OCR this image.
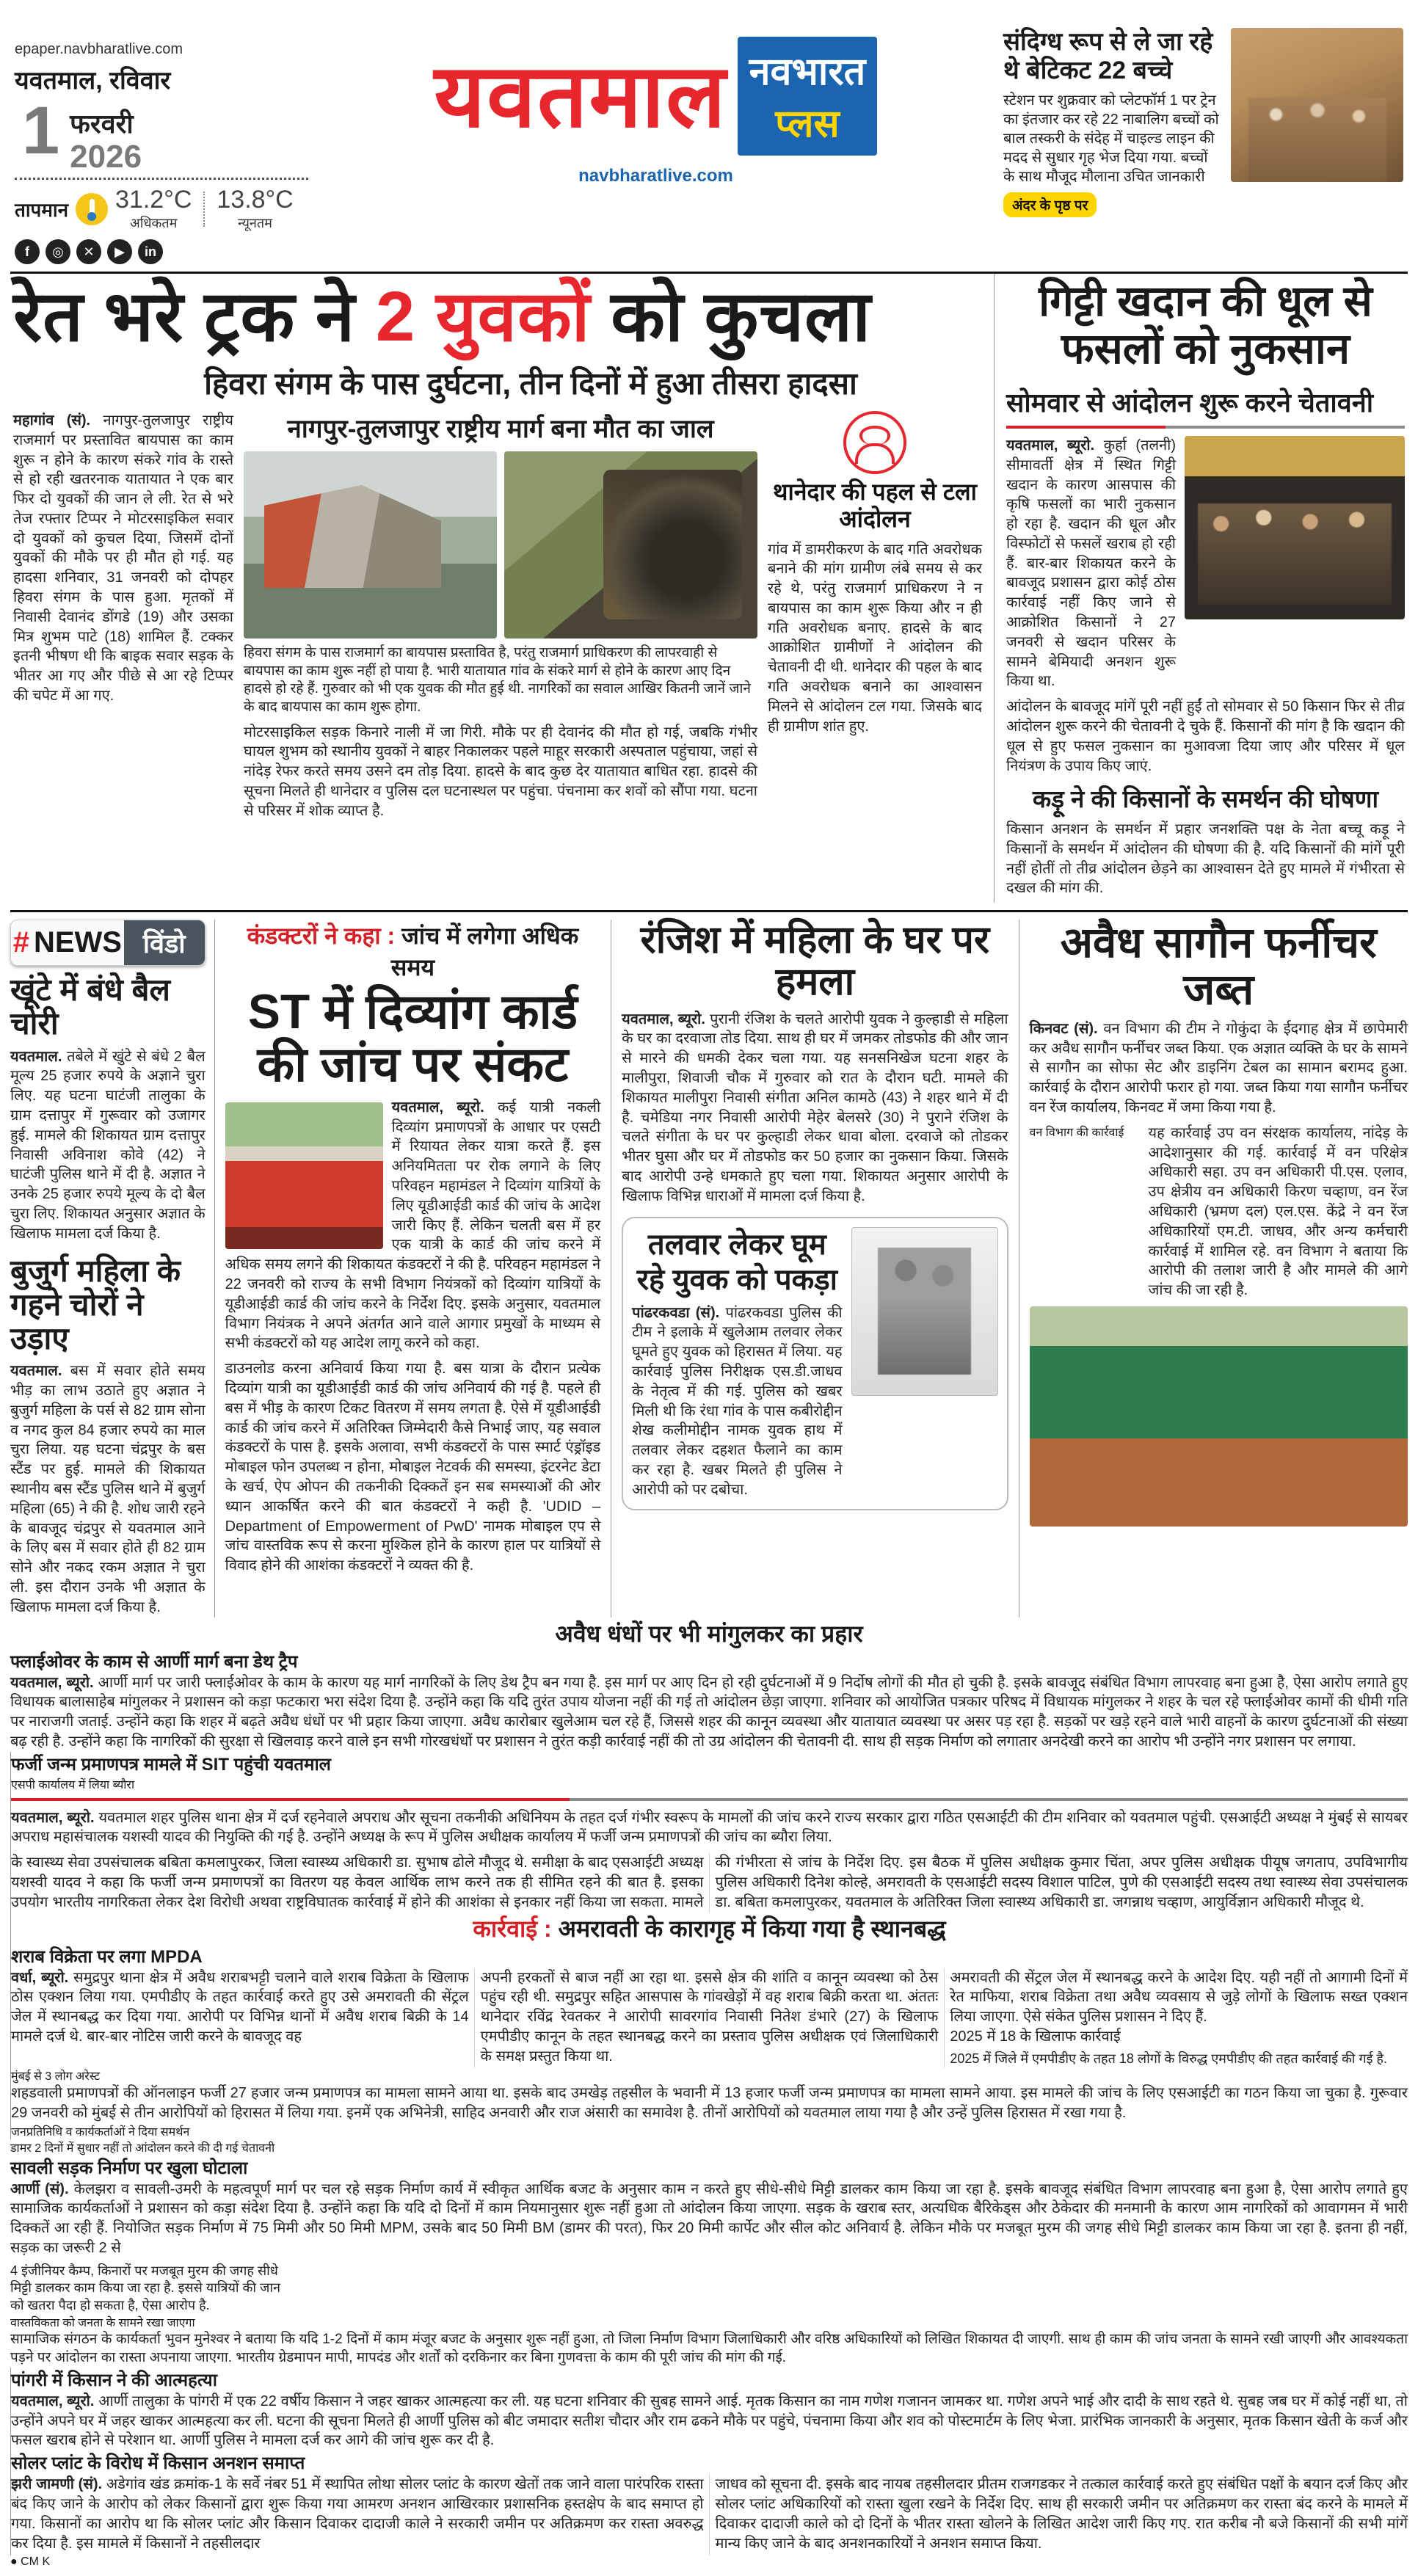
epaper.navbharatlive.com
यवतमाल, रविवार
1 फरवरी
2026
तापमान 31.2°C
अधिकतम
13.8°C
न्यूनतम
f	◎	✕	▶	in
यवतमाल नवभारत
प्लस
navbharatlive.com
संदिग्ध रूप से ले जा रहे थे बेटिकट 22 बच्चे
स्टेशन पर शुक्रवार को प्लेटफॉर्म 1 पर ट्रेन का इंतजार कर रहे 22 नाबालिग बच्चों को बाल तस्करी के संदेह में चाइल्ड लाइन की मदद से सुधार गृह भेज दिया गया. बच्चों के साथ मौजूद मौलाना उचित जानकारी
अंदर के पृष्ठ पर
रेत भरे ट्रक ने 2 युवकों को कुचला
हिवरा संगम के पास दुर्घटना, तीन दिनों में हुआ तीसरा हादसा

महागांव (सं). नागपुर-तुलजापुर राष्ट्रीय राजमार्ग पर प्रस्तावित बायपास का काम शुरू न होने के कारण संकरे गांव के रास्ते से हो रही खतरनाक यातायात ने एक बार फिर दो युवकों की जान ले ली. रेत से भरे तेज रफ्तार टिप्पर ने मोटरसाइकिल सवार दो युवकों को कुचल दिया, जिसमें दोनों युवकों की मौके पर ही मौत हो गई. यह हादसा शनिवार, 31 जनवरी को दोपहर हिवरा संगम के पास हुआ. मृतकों में निवासी देवानंद डोंगडे (19) और उसका मित्र शुभम पाटे (18) शामिल हैं. टक्कर इतनी भीषण थी कि बाइक सवार सड़क के भीतर आ गए और पीछे से आ रहे टिप्पर की चपेट में आ गए.

नागपुर-तुलजापुर राष्ट्रीय मार्ग बना मौत का जाल

हिवरा संगम के पास राजमार्ग का बायपास प्रस्तावित है, परंतु राजमार्ग प्राधिकरण की लापरवाही से बायपास का काम शुरू नहीं हो पाया है. भारी यातायात गांव के संकरे मार्ग से होने के कारण आए दिन हादसे हो रहे हैं. गुरुवार को भी एक युवक की मौत हुई थी. नागरिकों का सवाल आखिर कितनी जानें जाने के बाद बायपास का काम शुरू होगा.

मोटरसाइकिल सड़क किनारे नाली में जा गिरी. मौके पर ही देवानंद की मौत हो गई, जबकि गंभीर घायल शुभम को स्थानीय युवकों ने बाहर निकालकर पहले माहूर सरकारी अस्पताल पहुंचाया, जहां से नांदेड़ रेफर करते समय उसने दम तोड़ दिया. हादसे के बाद कुछ देर यातायात बाधित रहा. हादसे की सूचना मिलते ही थानेदार व पुलिस दल घटनास्थल पर पहुंचा. पंचनामा कर शवों को सौंपा गया. घटना से परिसर में शोक व्याप्त है.

थानेदार की पहल से टला आंदोलन

गांव में डामरीकरण के बाद गति अवरोधक बनाने की मांग ग्रामीण लंबे समय से कर रहे थे, परंतु राजमार्ग प्राधिकरण ने न बायपास का काम शुरू किया और न ही गति अवरोधक बनाए. हादसे के बाद आक्रोशित ग्रामीणों ने आंदोलन की चेतावनी दी थी. थानेदार की पहल के बाद गति अवरोधक बनाने का आश्वासन मिलने से आंदोलन टल गया. जिसके बाद ही ग्रामीण शांत हुए.

गिट्टी खदान की धूल से फसलों को नुकसान
सोमवार से आंदोलन शुरू करने चेतावनी

यवतमाल, ब्यूरो. कुर्हा (तलनी) सीमावर्ती क्षेत्र में स्थित गिट्टी खदान के कारण आसपास की कृषि फसलों का भारी नुकसान हो रहा है. खदान की धूल और विस्फोटों से फसलें खराब हो रही हैं. बार-बार शिकायत करने के बावजूद प्रशासन द्वारा कोई ठोस कार्रवाई नहीं किए जाने से आक्रोशित किसानों ने 27 जनवरी से खदान परिसर के सामने बेमियादी अनशन शुरू किया था.

आंदोलन के बावजूद मांगें पूरी नहीं हुईं तो सोमवार से 50 किसान फिर से तीव्र आंदोलन शुरू करने की चेतावनी दे चुके हैं. किसानों की मांग है कि खदान की धूल से हुए फसल नुकसान का मुआवजा दिया जाए और परिसर में धूल नियंत्रण के उपाय किए जाएं.

कड़ू ने की किसानों के समर्थन की घोषणा

किसान अनशन के समर्थन में प्रहार जनशक्ति पक्ष के नेता बच्चू कड़ू ने किसानों के समर्थन में आंदोलन की घोषणा की है. यदि किसानों की मांगें पूरी नहीं होतीं तो तीव्र आंदोलन छेड़ने का आश्वासन देते हुए मामले में गंभीरता से दखल की मांग की.

# NEWS विंडो
खूंटे में बंधे बैल चोरी

यवतमाल. तबेले में खुंटे से बंधे 2 बैल मूल्य 25 हजार रुपये के अज्ञाने चुरा लिए. यह घटना घाटंजी तालुका के ग्राम दत्तापुर में गुरूवार को उजागर हुई. मामले की शिकायत ग्राम दत्तापुर निवासी अविनाश कोवे (42) ने घाटंजी पुलिस थाने में दी है. अज्ञात ने उनके 25 हजार रुपये मूल्य के दो बैल चुरा लिए. शिकायत अनुसार अज्ञात के खिलाफ मामला दर्ज किया है.

बुजुर्ग महिला के गहने चोरों ने उड़ाए

यवतमाल. बस में सवार होते समय भीड़ का लाभ उठाते हुए अज्ञात ने बुजुर्ग महिला के पर्स से 82 ग्राम सोना व नगद कुल 84 हजार रुपये का माल चुरा लिया. यह घटना चंद्रपुर के बस स्टैंड पर हुई. मामले की शिकायत स्थानीय बस स्टैंड पुलिस थाने में बुजुर्ग महिला (65) ने की है. शोध जारी रहने के बावजूद चंद्रपुर से यवतमाल आने के लिए बस में सवार होते ही 82 ग्राम सोने और नकद रकम अज्ञात ने चुरा ली. इस दौरान उनके भी अज्ञात के खिलाफ मामला दर्ज किया है.

कंडक्टरों ने कहा : जांच में लगेगा अधिक समय
ST में दिव्यांग कार्ड की जांच पर संकट

यवतमाल, ब्यूरो. कई यात्री नकली दिव्यांग प्रमाणपत्रों के आधार पर एसटी में रियायत लेकर यात्रा करते हैं. इस अनियमितता पर रोक लगाने के लिए परिवहन महामंडल ने दिव्यांग यात्रियों के लिए यूडीआईडी कार्ड की जांच के आदेश जारी किए हैं. लेकिन चलती बस में हर एक यात्री के कार्ड की जांच करने में अधिक समय लगने की शिकायत कंडक्टरों ने की है. परिवहन महामंडल ने 22 जनवरी को राज्य के सभी विभाग नियंत्रकों को दिव्यांग यात्रियों के यूडीआईडी कार्ड की जांच करने के निर्देश दिए. इसके अनुसार, यवतमाल विभाग नियंत्रक ने अपने अंतर्गत आने वाले आगार प्रमुखों के माध्यम से सभी कंडक्टरों को यह आदेश लागू करने को कहा.

डाउनलोड करना अनिवार्य किया गया है. बस यात्रा के दौरान प्रत्येक दिव्यांग यात्री का यूडीआईडी कार्ड की जांच अनिवार्य की गई है. पहले ही बस में भीड़ के कारण टिकट वितरण में समय लगता है. ऐसे में यूडीआईडी कार्ड की जांच करने में अतिरिक्त जिम्मेदारी कैसे निभाई जाए, यह सवाल कंडक्टरों के पास है. इसके अलावा, सभी कंडक्टरों के पास स्मार्ट एंड्रॉइड मोबाइल फोन उपलब्ध न होना, मोबाइल नेटवर्क की समस्या, इंटरनेट डेटा के खर्च, ऐप ओपन की तकनीकी दिक्कतें इन सब समस्याओं की ओर ध्यान आकर्षित करने की बात कंडक्टरों ने कही है. 'UDID – Department of Empowerment of PwD' नामक मोबाइल एप से जांच वास्तविक रूप से करना मुश्किल होने के कारण हाल पर यात्रियों से विवाद होने की आशंका कंडक्टरों ने व्यक्त की है.

रंजिश में महिला के घर पर हमला

यवतमाल, ब्यूरो. पुरानी रंजिश के चलते आरोपी युवक ने कुल्हाडी से महिला के घर का दरवाजा तोड दिया. साथ ही घर में जमकर तोडफोड की और जान से मारने की धमकी देकर चला गया. यह सनसनिखेज घटना शहर के मालीपुरा, शिवाजी चौक में गुरुवार को रात के दौरान घटी. मामले की शिकायत मालीपुरा निवासी संगीता अनिल कामठे (43) ने शहर थाने में दी है. चमेडिया नगर निवासी आरोपी मेहेर बेलसरे (30) ने पुराने रंजिश के चलते संगीता के घर पर कुल्हाडी लेकर धावा बोला. दरवाजे को तोडकर भीतर घुसा और घर में तोडफोड कर 50 हजार का नुकसान किया. जिसके बाद आरोपी उन्हे धमकाते हुए चला गया. शिकायत अनुसार आरोपी के खिलाफ विभिन्न धाराओं में मामला दर्ज किया है.

तलवार लेकर घूम रहे युवक को पकड़ा

पांढरकवडा (सं). पांढरकवडा पुलिस की टीम ने इलाके में खुलेआम तलवार लेकर घूमते हुए युवक को हिरासत में लिया. यह कार्रवाई पुलिस निरीक्षक एस.डी.जाधव के नेतृत्व में की गई. पुलिस को खबर मिली थी कि रंधा गांव के पास कबीरोद्दीन शेख कलीमोद्दीन नामक युवक हाथ में तलवार लेकर दहशत फैलाने का काम कर रहा है. खबर मिलते ही पुलिस ने आरोपी को पर दबोचा.

अवैध सागौन फर्नीचर जब्त

किनवट (सं). वन विभाग की टीम ने गोकुंदा के ईदगाह क्षेत्र में छापेमारी कर अवैध सागौन फर्नीचर जब्त किया. एक अज्ञात व्यक्ति के घर के सामने से सागौन का सोफा सेट और डाइनिंग टेबल का सामान बरामद हुआ. कार्रवाई के दौरान आरोपी फरार हो गया. जब्त किया गया सागौन फर्नीचर वन रेंज कार्यालय, किनवट में जमा किया गया है.

वन विभाग की कार्रवाई	यह कार्रवाई उप वन संरक्षक कार्यालय, नांदेड़ के आदेशानुसार की गई. कार्रवाई में वन परिक्षेत्र अधिकारी सहा. उप वन अधिकारी पी.एस. एलाव, उप क्षेत्रीय वन अधिकारी किरण चव्हाण, वन रेंज अधिकारी (भ्रमण दल) एल.एस. केंद्रे ने वन रेंज अधिकारियों एम.टी. जाधव, और अन्य कर्मचारी कार्रवाई में शामिल रहे. वन विभाग ने बताया कि आरोपी की तलाश जारी है और मामले की आगे जांच की जा रही है.

अवैध धंधों पर भी मांगुलकर का प्रहार
फ्लाईओवर के काम से आर्णी मार्ग बना डेथ ट्रैप

यवतमाल, ब्यूरो. आर्णी मार्ग पर जारी फ्लाईओवर के काम के कारण यह मार्ग नागरिकों के लिए डेथ ट्रैप बन गया है. इस मार्ग पर आए दिन हो रही दुर्घटनाओं में 9 निर्दोष लोगों की मौत हो चुकी है. इसके बावजूद संबंधित विभाग लापरवाह बना हुआ है, ऐसा आरोप लगाते हुए विधायक बालासाहेब मांगुलकर ने प्रशासन को कड़ा फटकारा भरा संदेश दिया है. उन्होंने कहा कि यदि तुरंत उपाय योजना नहीं की गई तो आंदोलन छेड़ा जाएगा. शनिवार को आयोजित पत्रकार परिषद में विधायक मांगुलकर ने शहर के चल रहे फ्लाईओवर कामों की धीमी गति पर नाराजगी जताई. उन्होंने कहा कि शहर में बढ़ते अवैध धंधों पर भी प्रहार किया जाएगा. अवैध कारोबार खुलेआम चल रहे हैं, जिससे शहर की कानून व्यवस्था और यातायात व्यवस्था पर असर पड़ रहा है. सड़कों पर खड़े रहने वाले भारी वाहनों के कारण दुर्घटनाओं की संख्या बढ़ रही है. उन्होंने कहा कि नागरिकों की सुरक्षा से खिलवाड़ करने वाले इन सभी गोरखधंधों पर प्रशासन ने तुरंत कड़ी कार्रवाई नहीं की तो उग्र आंदोलन की चेतावनी दी. साथ ही सड़क निर्माण को लगातार अनदेखी करने का आरोप भी उन्होंने नगर प्रशासन पर लगाया.

फर्जी जन्म प्रमाणपत्र मामले में SIT पहुंची यवतमाल
एसपी कार्यालय में लिया ब्यौरा

यवतमाल, ब्यूरो. यवतमाल शहर पुलिस थाना क्षेत्र में दर्ज रहनेवाले अपराध और सूचना तकनीकी अधिनियम के तहत दर्ज गंभीर स्वरूप के मामलों की जांच करने राज्य सरकार द्वारा गठित एसआईटी की टीम शनिवार को यवतमाल पहुंची. एसआईटी अध्यक्ष ने मुंबई से सायबर अपराध महासंचालक यशस्वी यादव की नियुक्ति की गई है. उन्होंने अध्यक्ष के रूप में पुलिस अधीक्षक कार्यालय में फर्जी जन्म प्रमाणपत्रों की जांच का ब्यौरा लिया.

के स्वास्थ्य सेवा उपसंचालक बबिता कमलापुरकर, जिला स्वास्थ्य अधिकारी डा. सुभाष ढोले मौजूद थे. समीक्षा के बाद एसआईटी अध्यक्ष यशस्वी यादव ने कहा कि फर्जी जन्म प्रमाणपत्रों का वितरण यह केवल आर्थिक लाभ करने तक ही सीमित रहने की बात है. इसका उपयोग भारतीय नागरिकता लेकर देश विरोधी अथवा राष्ट्रविघातक कार्रवाई में होने की आशंका से इनकार नहीं किया जा सकता. मामले की गंभीरता से जांच के निर्देश दिए. इस बैठक में पुलिस अधीक्षक कुमार चिंता, अपर पुलिस अधीक्षक पीयूष जगताप, उपविभागीय पुलिस अधिकारी दिनेश कोल्हे, अमरावती के एसआईटी सदस्य विशाल पाटिल, पुणे की एसआईटी सदस्य तथा स्वास्थ्य सेवा उपसंचालक डा. बबिता कमलापुरकर, यवतमाल के अतिरिक्त जिला स्वास्थ्य अधिकारी डा. जगन्नाथ चव्हाण, आयुर्विज्ञान अधिकारी मौजूद थे.

कार्रवाई : अमरावती के कारागृह में किया गया है स्थानबद्ध
शराब विक्रेता पर लगा MPDA

वर्धा, ब्यूरो. समुद्रपुर थाना क्षेत्र में अवैध शराबभट्टी चलाने वाले शराब विक्रेता के खिलाफ ठोस एक्शन लिया गया. एमपीडीए के तहत कार्रवाई करते हुए उसे अमरावती की सेंट्रल जेल में स्थानबद्ध कर दिया गया. आरोपी पर विभिन्न थानों में अवैध शराब बिक्री के 14 मामले दर्ज थे. बार-बार नोटिस जारी करने के बावजूद वह

अपनी हरकतों से बाज नहीं आ रहा था. इससे क्षेत्र की शांति व कानून व्यवस्था को ठेस पहुंच रही थी. समुद्रपुर सहित आसपास के गांवखेड़ों में वह शराब बिक्री करता था. अंततः थानेदार रविंद्र रेवतकर ने आरोपी सावरगांव निवासी नितेश डंभारे (27) के खिलाफ एमपीडीए कानून के तहत स्थानबद्ध करने का प्रस्ताव पुलिस अधीक्षक एवं जिलाधिकारी के समक्ष प्रस्तुत किया था.

अमरावती की सेंट्रल जेल में स्थानबद्ध करने के आदेश दिए. यही नहीं तो आगामी दिनों में रेत माफिया, शराब विक्रेता तथा अवैध व्यवसाय से जुड़े लोगों के खिलाफ सख्त एक्शन लिया जाएगा. ऐसे संकेत पुलिस प्रशासन ने दिए हैं.

2025 में 18 के खिलाफ कार्रवाई

2025 में जिले में एमपीडीए के तहत 18 लोगों के विरुद्ध एमपीडीए की तहत कार्रवाई की गई है.

मुंबई से 3 लोग अरेस्ट

शहडवाली प्रमाणपत्रों की ऑनलाइन फर्जी 27 हजार जन्म प्रमाणपत्र का मामला सामने आया था. इसके बाद उमखेड़ तहसील के भवानी में 13 हजार फर्जी जन्म प्रमाणपत्र का मामला सामने आया. इस मामले की जांच के लिए एसआईटी का गठन किया जा चुका है. गुरूवार 29 जनवरी को मुंबई से तीन आरोपियों को हिरासत में लिया गया. इनमें एक अभिनेत्री, साहिद अनवारी और राज अंसारी का समावेश है. तीनों आरोपियों को यवतमाल लाया गया है और उन्हें पुलिस हिरासत में रखा गया है.

जनप्रतिनिधि व कार्यकर्ताओं ने दिया समर्थन
डामर 2 दिनों में सुधार नहीं तो आंदोलन करने की दी गई चेतावनी
सावली सड़क निर्माण पर खुला घोटाला

आर्णी (सं). केलझरा व सावली-उमरी के महत्वपूर्ण मार्ग पर चल रहे सड़क निर्माण कार्य में स्वीकृत आर्थिक बजट के अनुसार काम न करते हुए सीधे-सीधे मिट्टी डालकर काम किया जा रहा है. इसके बावजूद संबंधित विभाग लापरवाह बना हुआ है, ऐसा आरोप लगाते हुए सामाजिक कार्यकर्ताओं ने प्रशासन को कड़ा संदेश दिया है. उन्होंने कहा कि यदि दो दिनों में काम नियमानुसार शुरू नहीं हुआ तो आंदोलन किया जाएगा. सड़क के खराब स्तर, अत्यधिक बैरिकेड्स और ठेकेदार की मनमानी के कारण आम नागरिकों को आवागमन में भारी दिक्कतें आ रही हैं. नियोजित सड़क निर्माण में 75 मिमी और 50 मिमी MPM, उसके बाद 50 मिमी BM (डामर की परत), फिर 20 मिमी कार्पेट और सील कोट अनिवार्य है. लेकिन मौके पर मजबूत मुरम की जगह सीधे मिट्टी डालकर काम किया जा रहा है. इतना ही नहीं, सड़क का जरूरी 2 से

4 इंजीनियर कैम्प, किनारों पर मजबूत मुरम की जगह सीधे मिट्टी डालकर काम किया जा रहा है. इससे यात्रियों की जान को खतरा पैदा हो सकता है, ऐसा आरोप है.

वास्तविकता को जनता के सामने रखा जाएगा

सामाजिक संगठन के कार्यकर्ता भुवन मुनेश्वर ने बताया कि यदि 1-2 दिनों में काम मंजूर बजट के अनुसार शुरू नहीं हुआ, तो जिला निर्माण विभाग जिलाधिकारी और वरिष्ठ अधिकारियों को लिखित शिकायत दी जाएगी. साथ ही काम की जांच जनता के सामने रखी जाएगी और आवश्यकता पड़ने पर आंदोलन का रास्ता अपनाया जाएगा. भारतीय ग्रेडमापन मापी, मापदंड और शर्तों को दरकिनार कर बिना गुणवत्ता के काम की पूरी जांच की मांग की गई.

पांगरी में किसान ने की आत्महत्या

यवतमाल, ब्यूरो. आर्णी तालुका के पांगरी में एक 22 वर्षीय किसान ने जहर खाकर आत्महत्या कर ली. यह घटना शनिवार की सुबह सामने आई. मृतक किसान का नाम गणेश गजानन जामकर था. गणेश अपने भाई और दादी के साथ रहते थे. सुबह जब घर में कोई नहीं था, तो उन्होंने अपने घर में जहर खाकर आत्महत्या कर ली. घटना की सूचना मिलते ही आर्णी पुलिस को बीट जमादार सतीश चौदार और राम ढकने मौके पर पहुंचे, पंचनामा किया और शव को पोस्टमार्टम के लिए भेजा. प्रारंभिक जानकारी के अनुसार, मृतक किसान खेती के कर्ज और फसल खराब होने से परेशान था. आर्णी पुलिस ने मामला दर्ज कर आगे की जांच शुरू कर दी है.

सोलर प्लांट के विरोध में किसान अनशन समाप्त

झरी जामणी (सं). अडेगांव खंड क्रमांक-1 के सर्वे नंबर 51 में स्थापित लोथा सोलर प्लांट के कारण खेतों तक जाने वाला पारंपरिक रास्ता बंद किए जाने के आरोप को लेकर किसानों द्वारा शुरू किया गया आमरण अनशन आखिरकार प्रशासनिक हस्तक्षेप के बाद समाप्त हो गया. किसानों का आरोप था कि सोलर प्लांट और किसान दिवाकर दादाजी काले ने सरकारी जमीन पर अतिक्रमण कर रास्ता अवरुद्ध कर दिया है. इस मामले में किसानों ने तहसीलदार

जाधव को सूचना दी. इसके बाद नायब तहसीलदार प्रीतम राजगडकर ने तत्काल कार्रवाई करते हुए संबंधित पक्षों के बयान दर्ज किए और सोलर प्लांट अधिकारियों को रास्ता खुला रखने के निर्देश दिए. साथ ही सरकारी जमीन पर अतिक्रमण कर रास्ता बंद करने के मामले में दिवाकर दादाजी काले को दो दिनों के भीतर रास्ता खोलने के लिखित आदेश जारी किए गए. रात करीब नौ बजे किसानों की सभी मांगें मान्य किए जाने के बाद अनशनकारियों ने अनशन समाप्त किया.

● CM K
